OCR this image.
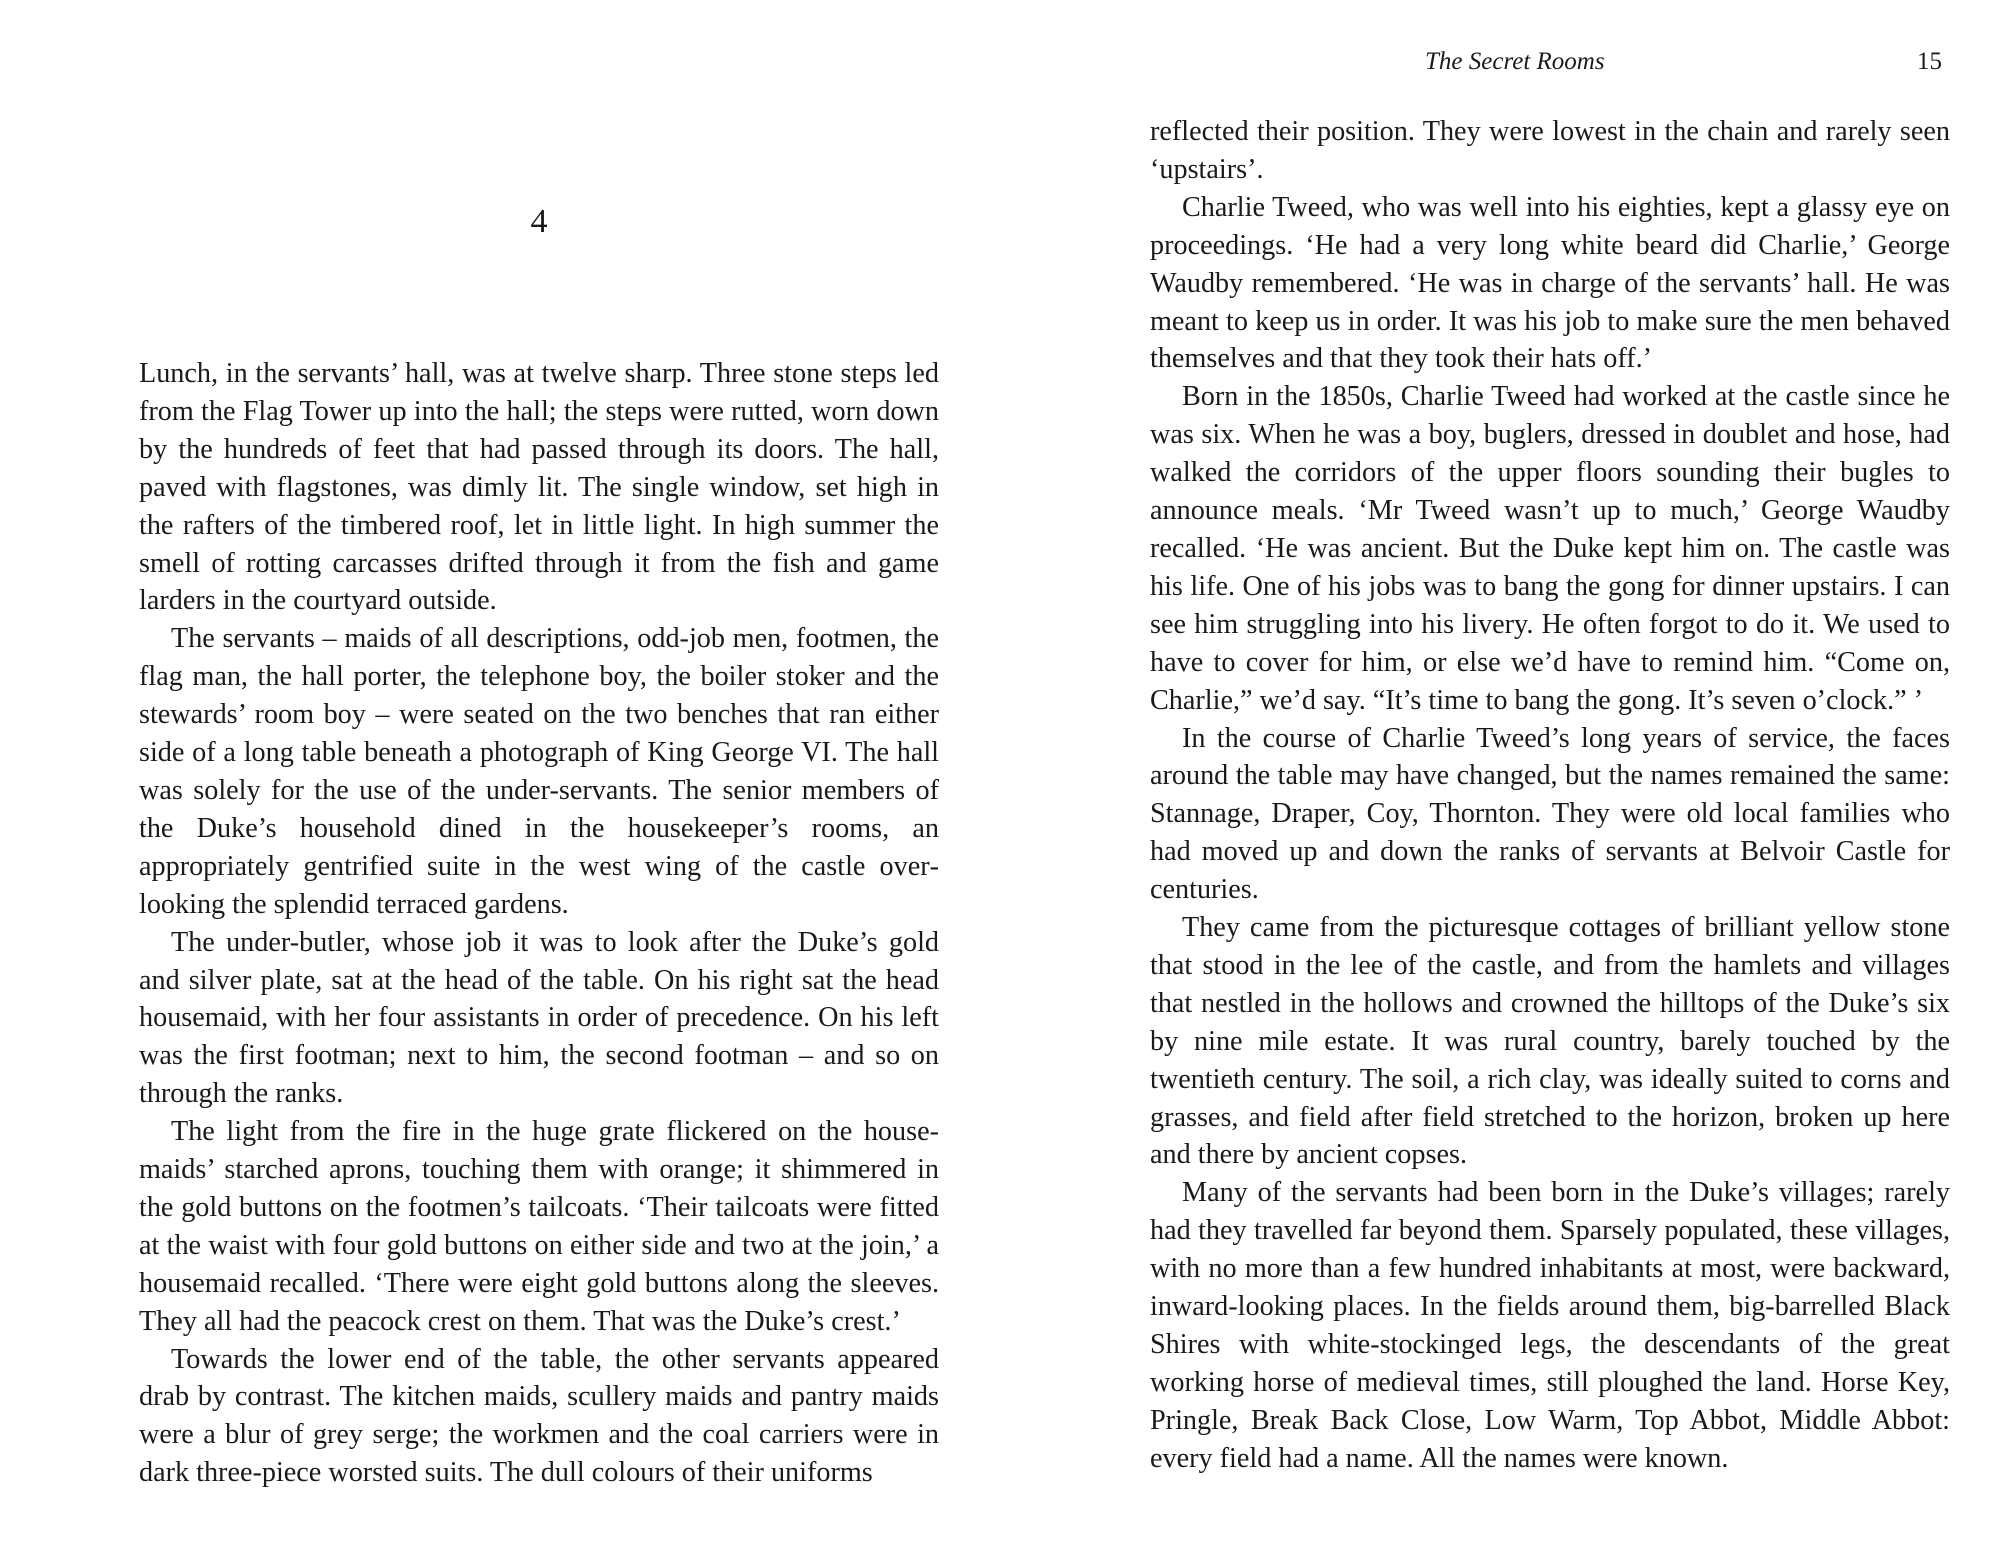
4

Lunch, in the servants’ hall, was at twelve sharp. Three stone steps led from the Flag Tower up into the hall; the steps were rutted, worn down by the hundreds of feet that had passed through its doors. The hall, paved with flagstones, was dimly lit. The single window, set high in the rafters of the timbered roof, let in little light. In high summer the smell of rotting carcasses drifted through it from the fish and game larders in the courtyard outside.

The servants – maids of all descriptions, odd-job men, footmen, the flag man, the hall porter, the telephone boy, the boiler stoker and the stewards’ room boy – were seated on the two benches that ran either side of a long table beneath a photograph of King George VI. The hall was solely for the use of the under-servants. The senior members of the Duke’s household dined in the housekeeper’s rooms, an appropriately gentrified suite in the west wing of the castle overlooking the splendid terraced gardens.

The under-butler, whose job it was to look after the Duke’s gold and silver plate, sat at the head of the table. On his right sat the head housemaid, with her four assistants in order of precedence. On his left was the first footman; next to him, the second footman – and so on through the ranks.

The light from the fire in the huge grate flickered on the housemaids’ starched aprons, touching them with orange; it shimmered in the gold buttons on the footmen’s tailcoats. ‘Their tailcoats were fitted at the waist with four gold buttons on either side and two at the join,’ a housemaid recalled. ‘There were eight gold buttons along the sleeves. They all had the peacock crest on them. That was the Duke’s crest.’

Towards the lower end of the table, the other servants appeared drab by contrast. The kitchen maids, scullery maids and pantry maids were a blur of grey serge; the workmen and the coal carriers were in dark three-piece worsted suits. The dull colours of their uniforms

The Secret Rooms	15

reflected their position. They were lowest in the chain and rarely seen ‘upstairs’.

Charlie Tweed, who was well into his eighties, kept a glassy eye on proceedings. ‘He had a very long white beard did Charlie,’ George Waudby remembered. ‘He was in charge of the servants’ hall. He was meant to keep us in order. It was his job to make sure the men behaved themselves and that they took their hats off.’

Born in the 1850s, Charlie Tweed had worked at the castle since he was six. When he was a boy, buglers, dressed in doublet and hose, had walked the corridors of the upper floors sounding their bugles to announce meals. ‘Mr Tweed wasn’t up to much,’ George Waudby recalled. ‘He was ancient. But the Duke kept him on. The castle was his life. One of his jobs was to bang the gong for dinner upstairs. I can see him struggling into his livery. He often forgot to do it. We used to have to cover for him, or else we’d have to remind him. “Come on, Charlie,” we’d say. “It’s time to bang the gong. It’s seven o’clock.” ’

In the course of Charlie Tweed’s long years of service, the faces around the table may have changed, but the names remained the same: Stannage, Draper, Coy, Thornton. They were old local families who had moved up and down the ranks of servants at Belvoir Castle for centuries.

They came from the picturesque cottages of brilliant yellow stone that stood in the lee of the castle, and from the hamlets and villages that nestled in the hollows and crowned the hilltops of the Duke’s six by nine mile estate. It was rural country, barely touched by the twentieth century. The soil, a rich clay, was ideally suited to corns and grasses, and field after field stretched to the horizon, broken up here and there by ancient copses.

Many of the servants had been born in the Duke’s villages; rarely had they travelled far beyond them. Sparsely populated, these villages, with no more than a few hundred inhabitants at most, were backward, inward-looking places. In the fields around them, big-barrelled Black Shires with white-stockinged legs, the descendants of the great working horse of medieval times, still ploughed the land. Horse Key, Pringle, Break Back Close, Low Warm, Top Abbot, Middle Abbot: every field had a name. All the names were known.
